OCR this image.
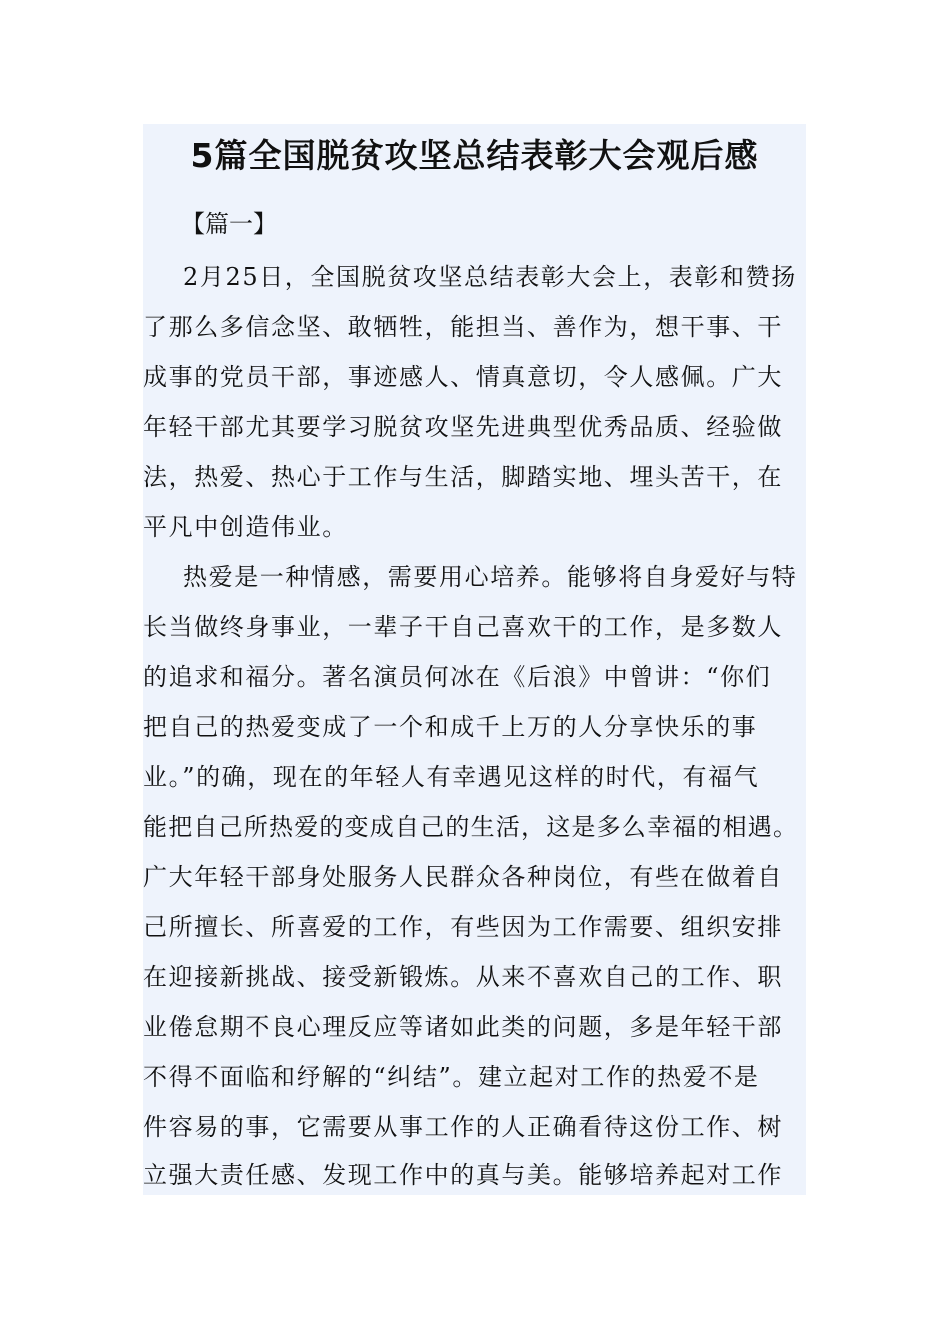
5篇全国脱贫攻坚总结表彰大会观后感
【篇一】
2月25日，全国脱贫攻坚总结表彰大会上，表彰和赞扬
了那么多信念坚、敢牺牲，能担当、善作为，想干事、干
成事的党员干部，事迹感人、情真意切，令人感佩。广大
年轻干部尤其要学习脱贫攻坚先进典型优秀品质、经验做
法，热爱、热心于工作与生活，脚踏实地、埋头苦干，在
平凡中创造伟业。
热爱是一种情感，需要用心培养。能够将自身爱好与特
长当做终身事业，一辈子干自己喜欢干的工作，是多数人
的追求和福分。著名演员何冰在《后浪》中曾讲：“你们
把自己的热爱变成了一个和成千上万的人分享快乐的事
业。”的确，现在的年轻人有幸遇见这样的时代，有福气
能把自己所热爱的变成自己的生活，这是多么幸福的相遇。
广大年轻干部身处服务人民群众各种岗位，有些在做着自
己所擅长、所喜爱的工作，有些因为工作需要、组织安排
在迎接新挑战、接受新锻炼。从来不喜欢自己的工作、职
业倦怠期不良心理反应等诸如此类的问题，多是年轻干部
不得不面临和纾解的“纠结”。建立起对工作的热爱不是
件容易的事，它需要从事工作的人正确看待这份工作、树
立强大责任感、发现工作中的真与美。能够培养起对工作
